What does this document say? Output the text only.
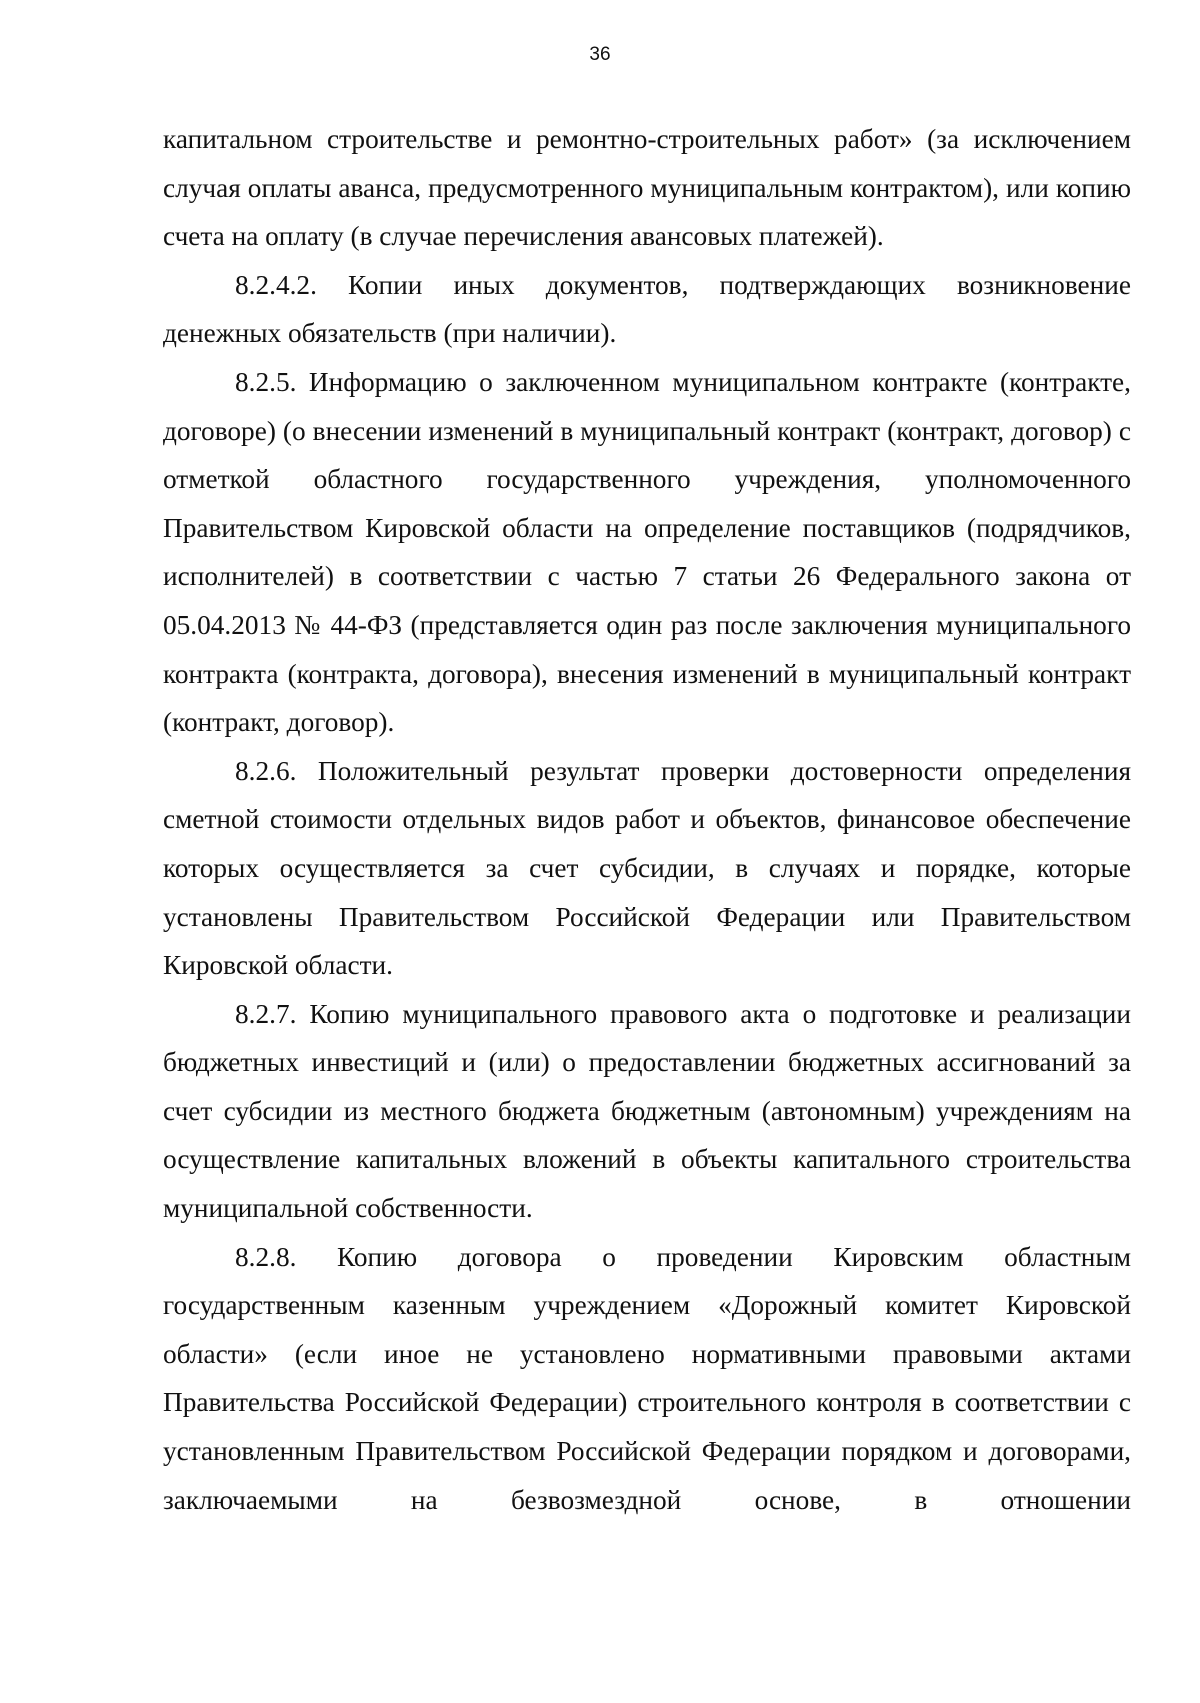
36

капитальном строительстве и ремонтно-строительных работ» (за исключением случая оплаты аванса, предусмотренного муниципальным контрактом), или копию счета на оплату (в случае перечисления авансовых платежей).

8.2.4.2. Копии иных документов, подтверждающих возникновение денежных обязательств (при наличии).

8.2.5. Информацию о заключенном муниципальном контракте (контракте, договоре) (о внесении изменений в муниципальный контракт (контракт, договор) с отметкой областного государственного учреждения, уполномоченного Правительством Кировской области на определение поставщиков (подрядчиков, исполнителей) в соответствии с частью 7 статьи 26 Федерального закона от 05.04.2013 № 44-ФЗ (представляется один раз после заключения муниципального контракта (контракта, договора), внесения изменений в муниципальный контракт (контракт, договор).

8.2.6. Положительный результат проверки достоверности определения сметной стоимости отдельных видов работ и объектов, финансовое обеспечение которых осуществляется за счет субсидии, в случаях и порядке, которые установлены Правительством Российской Федерации или Правительством Кировской области.

8.2.7. Копию муниципального правового акта о подготовке и реализации бюджетных инвестиций и (или) о предоставлении бюджетных ассигнований за счет субсидии из местного бюджета бюджетным (автономным) учреждениям на осуществление капитальных вложений в объекты капитального строительства муниципальной собственности.

8.2.8. Копию договора о проведении Кировским областным государственным казенным учреждением «Дорожный комитет Кировской области» (если иное не установлено нормативными правовыми актами Правительства Российской Федерации) строительного контроля в соответствии с установленным Правительством Российской Федерации порядком и договорами, заключаемыми на безвозмездной основе, в отношении
